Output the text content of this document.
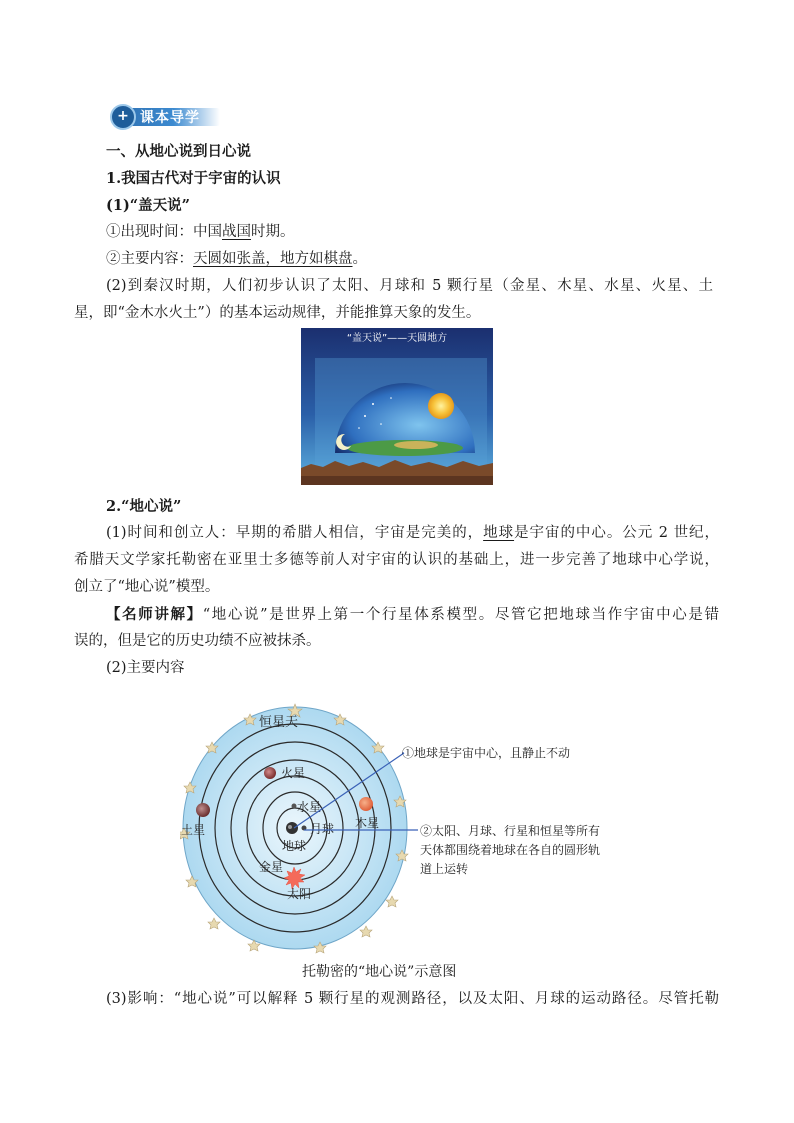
+ 课本导学
一、从地心说到日心说
1.我国古代对于宇宙的认识
(1)“盖天说”
①出现时间：中国战国时期。
②主要内容：天圆如张盖，地方如棋盘。
(2)到秦汉时期，人们初步认识了太阳、月球和 5 颗行星（金星、木星、水星、火星、土
星，即“金木水火土”）的基本运动规律，并能推算天象的发生。
“盖天说”——天圆地方
2.“地心说”
(1)时间和创立人：早期的希腊人相信，宇宙是完美的，地球是宇宙的中心。公元 2 世纪，
希腊天文学家托勒密在亚里士多德等前人对宇宙的认识的基础上，进一步完善了地球中心学说，
创立了“地心说”模型。
【名师讲解】“地心说”是世界上第一个行星体系模型。尽管它把地球当作宇宙中心是错
误的，但是它的历史功绩不应被抹杀。
(2)主要内容
恒星天
火星
水星
土星	木星
月球
地球
金星
太阳
①地球是宇宙中心，且静止不动
②太阳、月球、行星和恒星等所有
天体都围绕着地球在各自的圆形轨
道上运转
托勒密的“地心说”示意图
(3)影响：“地心说”可以解释 5 颗行星的观测路径，以及太阳、月球的运动路径。尽管托勒
